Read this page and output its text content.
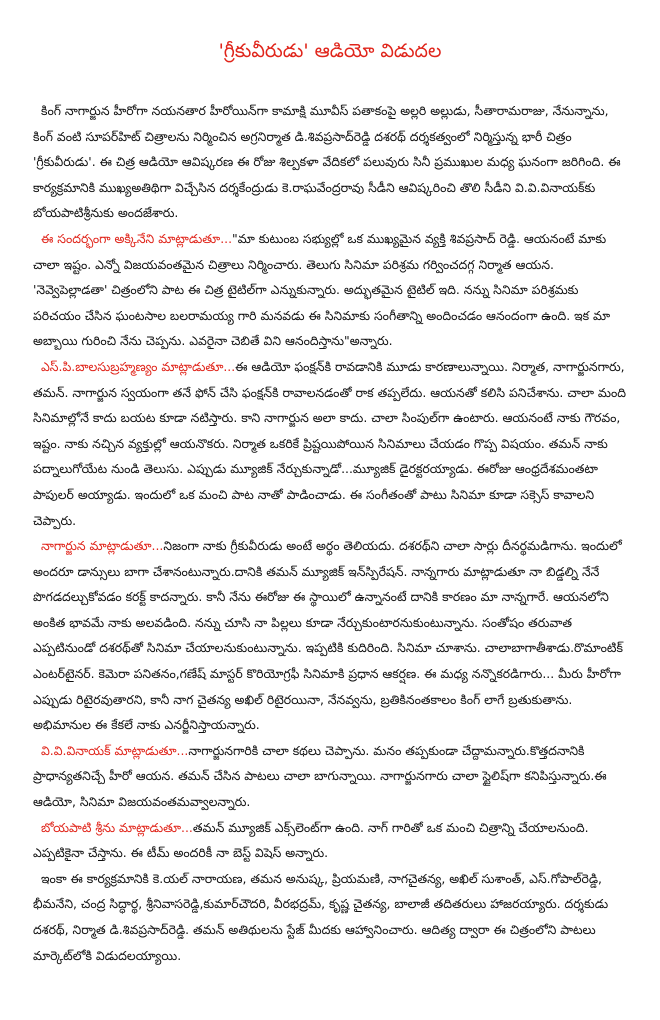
'గ్రీకువీరుడు' ఆడియో విడుదల

కింగ్ నాగార్జున హీరోగా నయనతార హీరోయిన్‌గా కామాక్షి మూవీస్ పతాకంపై అల్లరి అల్లుడు, సీతారామరాజు, నేనున్నాను, కింగ్ వంటి సూపర్‌హిట్ చిత్రాలను నిర్మించిన అగ్రనిర్మాత డి.శివప్రసాద్‌రెడ్డి దశరథ్ దర్శకత్వంలో నిర్మిస్తున్న భారీ చిత్రం 'గ్రీకువీరుడు'. ఈ చిత్ర ఆడియో ఆవిష్కరణ ఈ రోజు శిల్పకళా వేదికలో పలువురు సినీ ప్రముఖుల మధ్య ఘనంగా జరిగింది. ఈ కార్యక్రమానికి ముఖ్యఅతిథిగా విచ్చేసిన దర్శకేంద్రుడు కె.రాఘవేంద్రరావు సీడీని ఆవిష్కరించి తొలి సీడీని వి.వి.వినాయక్‌కు బోయపాటిశ్రీనుకు అందజేశారు.

ఈ సందర్భంగా అక్కినేని మాట్లాడుతూ..."మా కుటుంబ సభ్యుల్లో ఒక ముఖ్యమైన వ్యక్తి శివప్రసాద్ రెడ్డి. ఆయనంటే మాకు చాలా ఇష్టం. ఎన్నో విజయవంతమైన చిత్రాలు నిర్మించారు. తెలుగు సినిమా పరిశ్రమ గర్వించదగ్గ నిర్మాత ఆయన. 'నెవ్వెపెల్లాడతా' చిత్రంలోని పాట ఈ చిత్ర టైటిల్‌గా ఎన్నుకున్నారు. అద్భుతమైన టైటిల్ ఇది. నన్ను సినిమా పరిశ్రమకు పరిచయం చేసిన ఘంటసాల బలరామయ్య గారి మనవడు ఈ సినిమాకు సంగీతాన్ని అందించడం ఆనందంగా ఉంది. ఇక మా అబ్బాయి గురించి నేను చెప్పను. ఎవరైనా చెబితే విని ఆనందిస్తాను"అన్నారు.

ఎస్.పి.బాలసుబ్రహ్మణ్యం మాట్లాడుతూ...ఈ ఆడియో ఫంక్షన్‌కి రావడానికి మూడు కారణాలున్నాయి. నిర్మాత, నాగార్జునగారు, తమన్. నాగార్జున స్వయంగా తనే ఫోన్ చేసి ఫంక్షన్‌కి రావాలనడంతో రాక తప్పలేదు. ఆయనతో కలిసి పనిచేశాను. చాలా మంది సినిమాల్లోనే కాదు బయట కూడా నటిస్తారు. కాని నాగార్జున అలా కాదు. చాలా సింపుల్‌గా ఉంటారు. ఆయనంటే నాకు గౌరవం, ఇష్టం. నాకు నచ్చిన వ్యక్తుల్లో ఆయనొకరు. నిర్మాత ఒకరికే ప్రిష్టయిపోయిన సినిమాలు చేయడం గొప్ప విషయం. తమన్ నాకు పద్నాలుగోయేట నుండి తెలుసు. ఎప్పుడు మ్యూజిక్ నేర్చుకున్నాడో...మ్యూజిక్ డైరక్టరయ్యాడు. ఈరోజు ఆంధ్రదేశమంతటా పాపులర్ అయ్యాడు. ఇందులో ఒక మంచి పాట నాతో పాడించాడు. ఈ సంగీతంతో పాటు సినిమా కూడా సక్సెస్ కావాలని చెప్పారు.

నాగార్జున మాట్లాడుతూ...నిజంగా నాకు గ్రీకువీరుడు అంటే అర్థం తెలియదు. దశరథ్‌ని చాలా సార్లు దీనర్థమడిగాను. ఇందులో అందరూ డాన్సులు బాగా చేశానంటున్నారు.దానికి తమన్ మ్యూజిక్ ఇన్‌స్పిరేషన్. నాన్నగారు మాట్లాడుతూ నా బిడ్డల్ని నేనే పొగడదల్చుకోవడం కరక్ట్ కాదన్నారు. కానీ నేను ఈరోజు ఈ స్థాయిలో ఉన్నానంటే దానికి కారణం మా నాన్నగారే. ఆయనలోని అంకిత భావమే నాకు అలవడింది. నన్ను చూసి నా పిల్లలు కూడా నేర్చుకుంటారనుకుంటున్నాను. సంతోషం తరువాత ఎప్పటినుండో దశరథ్‌తో సినిమా చేయాలనుకుంటున్నాను. ఇప్పటికి కుదిరింది. సినిమా చూశాను. చాలాబాగాతీశాడు.రొమాంటిక్ ఎంటర్‌టైనర్. కెమెరా పనితనం,గణేష్ మాస్టర్ కొరియోగ్రఫీ సినిమాకి ప్రధాన ఆకర్షణ. ఈ మధ్య నన్నొకరడిగారు... మీరు హీరోగా ఎప్పుడు రిటైరవుతారని, కానీ నాగ చైతన్య అఖిల్ రిటైరయినా, నేనవ్వను, బ్రతికినంతకాలం కింగ్ లాగే బ్రతుకుతాను. అభిమానుల ఈ కేకలే నాకు ఎనర్జీనిస్తాయన్నారు.

వి.వి.వినాయక్ మాట్లాడుతూ...నాగార్జునగారికి చాలా కథలు చెప్పాను. మనం తప్పకుండా చేద్దామన్నారు.కొత్తదనానికి ప్రాధాన్యతనిచ్చే హీరో ఆయన. తమన్ చేసిన పాటలు చాలా బాగున్నాయి. నాగార్జునగారు చాలా స్టైలిష్‌గా కనిపిస్తున్నారు.ఈ ఆడియో, సినిమా విజయవంతమవ్వాలన్నారు.

బోయపాటి శ్రీను మాట్లాడుతూ...తమన్ మ్యూజిక్ ఎక్స్‌లెంట్‌గా ఉంది. నాగ్ గారితో ఒక మంచి చిత్రాన్ని చేయాలనుంది. ఎప్పటికైనా చేస్తాను. ఈ టీమ్ అందరికీ నా బెస్ట్ విషెస్ అన్నారు.

ఇంకా ఈ కార్యక్రమానికి కె.యల్ నారాయణ, తమన అనుష్క, ప్రియమణి, నాగచైతన్య, అఖిల్ సుశాంత్, ఎస్.గోపాల్‌రెడ్డి, భీమనేని, చంద్ర సిద్ధార్థ, శ్రీనివాసరెడ్డి,కుమార్‌చౌదరి, వీరభద్రమ్, కృష్ణ చైతన్య, బాలాజీ తదితరులు హాజరయ్యారు. దర్శకుడు దశరథ్, నిర్మాత డి.శివప్రసాద్‌రెడ్డి. తమన్ అతిథులను స్టేజ్ మీదకు ఆహ్వానించారు. ఆదిత్య ద్వారా ఈ చిత్రంలోని పాటలు మార్కెట్‌లోకి విడుదలయ్యాయి.
